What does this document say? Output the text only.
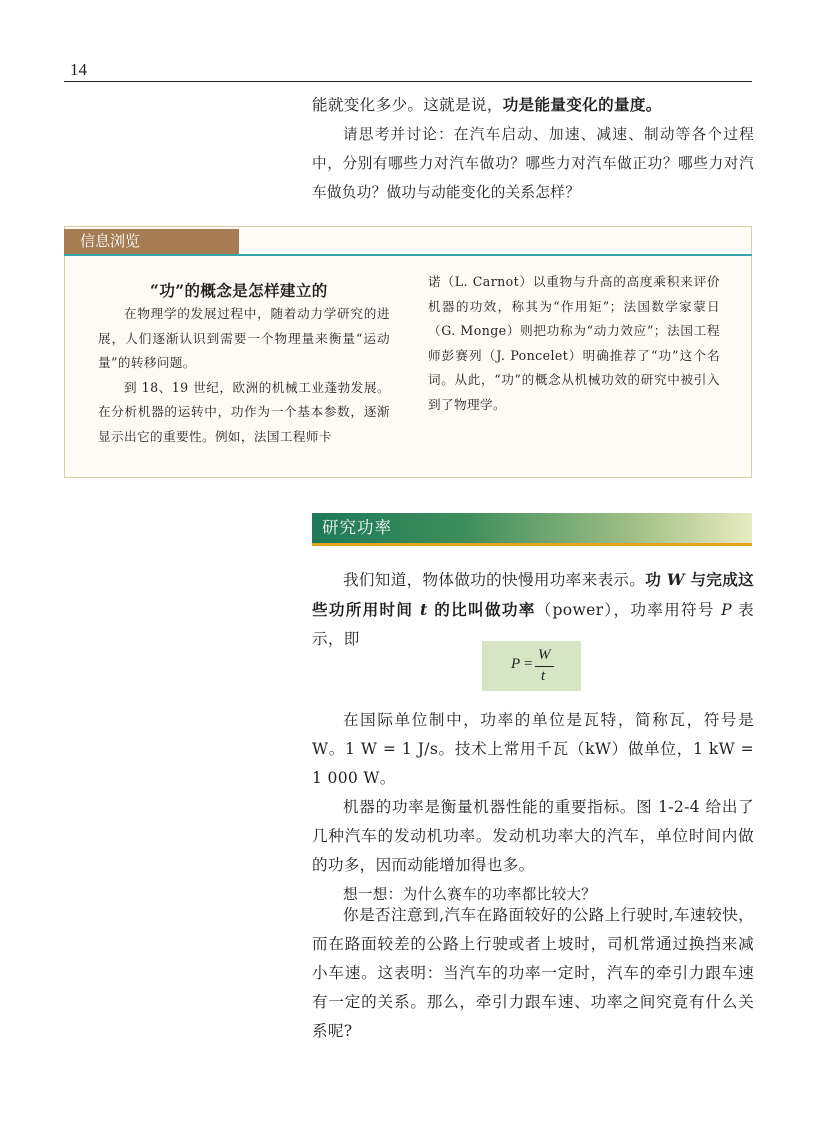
14

能就变化多少。这就是说，功是能量变化的量度。

请思考并讨论：在汽车启动、加速、减速、制动等各个过程中，分别有哪些力对汽车做功？哪些力对汽车做正功？哪些力对汽车做负功？做功与动能变化的关系怎样？

信息浏览

“功”的概念是怎样建立的

在物理学的发展过程中，随着动力学研究的进展，人们逐渐认识到需要一个物理量来衡量“运动量”的转移问题。

到 18、19 世纪，欧洲的机械工业蓬勃发展。在分析机器的运转中，功作为一个基本参数，逐渐显示出它的重要性。例如，法国工程师卡

诺（L. Carnot）以重物与升高的高度乘积来评价机器的功效，称其为“作用矩”；法国数学家蒙日（G. Monge）则把功称为“动力效应”；法国工程师彭赛列（J. Poncelet）明确推荐了“功”这个名词。从此，“功”的概念从机械功效的研究中被引入到了物理学。

研究功率

我们知道，物体做功的快慢用功率来表示。功 W 与完成这些功所用时间 t 的比叫做功率（power），功率用符号 P 表示，即

P =
W
t

在国际单位制中，功率的单位是瓦特，简称瓦，符号是 W。1 W = 1 J/s。技术上常用千瓦（kW）做单位，1 kW = 1 000 W。

机器的功率是衡量机器性能的重要指标。图 1-2-4 给出了几种汽车的发动机功率。发动机功率大的汽车，单位时间内做的功多，因而动能增加得也多。

想一想：为什么赛车的功率都比较大？

你是否注意到,汽车在路面较好的公路上行驶时,车速较快，而在路面较差的公路上行驶或者上坡时，司机常通过换挡来减小车速。这表明：当汽车的功率一定时，汽车的牵引力跟车速有一定的关系。那么，牵引力跟车速、功率之间究竟有什么关系呢?
